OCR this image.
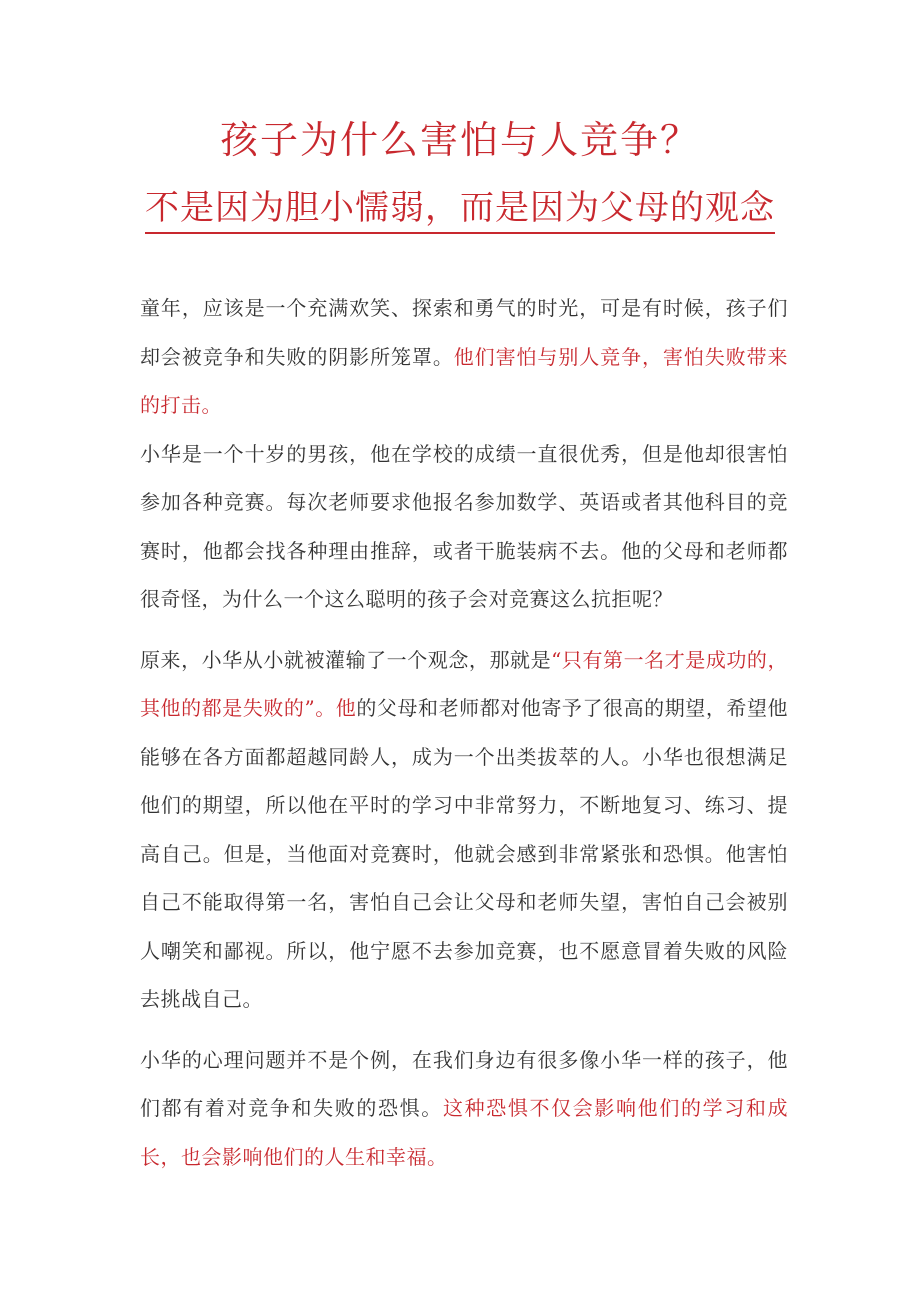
孩子为什么害怕与人竞争？
不是因为胆小懦弱，而是因为父母的观念

童年，应该是一个充满欢笑、探索和勇气的时光，可是有时候，孩子们却会被竞争和失败的阴影所笼罩。他们害怕与别人竞争，害怕失败带来的打击。

小华是一个十岁的男孩，他在学校的成绩一直很优秀，但是他却很害怕参加各种竞赛。每次老师要求他报名参加数学、英语或者其他科目的竞赛时，他都会找各种理由推辞，或者干脆装病不去。他的父母和老师都很奇怪，为什么一个这么聪明的孩子会对竞赛这么抗拒呢？

原来，小华从小就被灌输了一个观念，那就是“只有第一名才是成功的，其他的都是失败的”。他的父母和老师都对他寄予了很高的期望，希望他能够在各方面都超越同龄人，成为一个出类拔萃的人。小华也很想满足他们的期望，所以他在平时的学习中非常努力，不断地复习、练习、提高自己。但是，当他面对竞赛时，他就会感到非常紧张和恐惧。他害怕自己不能取得第一名，害怕自己会让父母和老师失望，害怕自己会被别人嘲笑和鄙视。所以，他宁愿不去参加竞赛，也不愿意冒着失败的风险去挑战自己。

小华的心理问题并不是个例，在我们身边有很多像小华一样的孩子，他们都有着对竞争和失败的恐惧。这种恐惧不仅会影响他们的学习和成长，也会影响他们的人生和幸福。
